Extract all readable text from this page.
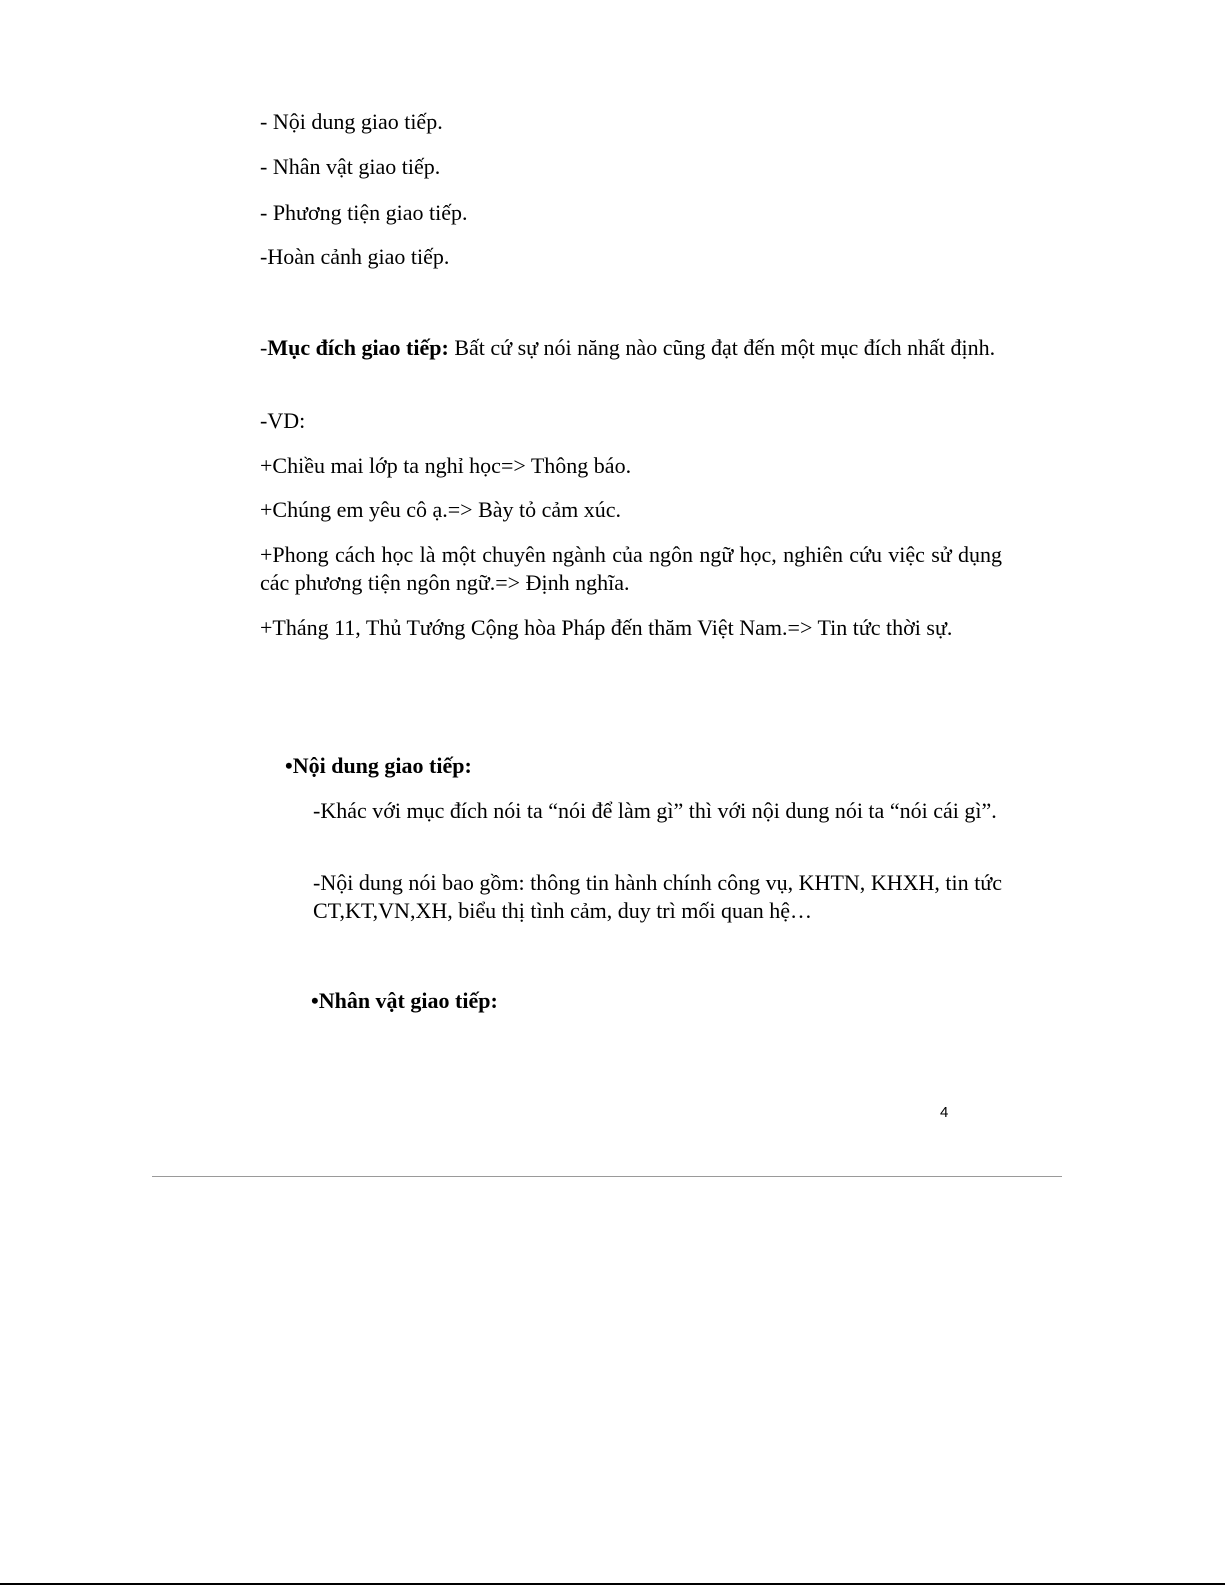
- Nội dung giao tiếp.

- Nhân vật giao tiếp.

- Phương tiện giao tiếp.

-Hoàn cảnh giao tiếp.

-Mục đích giao tiếp: Bất cứ sự nói năng nào cũng đạt đến một mục đích nhất định.

-VD:

+Chiều mai lớp ta nghỉ học=> Thông báo.

+Chúng em yêu cô ạ.=> Bày tỏ cảm xúc.

+Phong cách học là một chuyên ngành của ngôn ngữ học, nghiên cứu việc sử dụng các phương tiện ngôn ngữ.=> Định nghĩa.

+Tháng 11, Thủ Tướng Cộng hòa Pháp đến thăm Việt Nam.=> Tin tức thời sự.

•Nội dung giao tiếp:

-Khác với mục đích nói ta “nói để làm gì” thì với nội dung nói ta “nói cái gì”.

-Nội dung nói bao gồm: thông tin hành chính công vụ, KHTN, KHXH, tin tức CT,KT,VN,XH, biểu thị tình cảm, duy trì mối quan hệ…

•Nhân vật giao tiếp:

4
